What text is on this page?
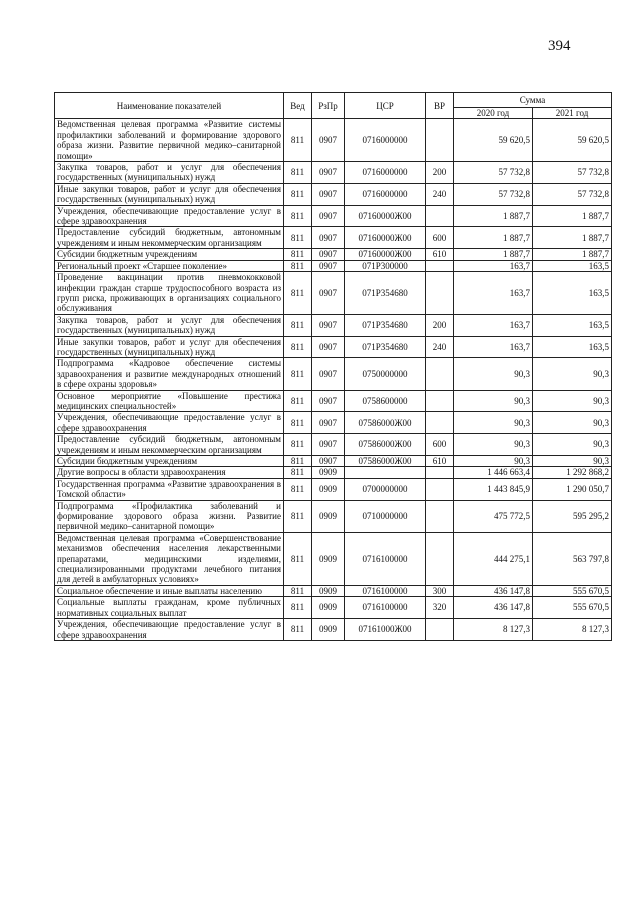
394
Наименование показателей	Вед	РзПр	ЦСР	ВР	Сумма	
					2020 год	2021 год
Ведомственная целевая программа «Развитие системы профилактики заболеваний и формирование здорового образа жизни. Развитие первичной медико–санитарной помощи»	811	0907	0716000000		59 620,5	59 620,5
Закупка товаров, работ и услуг для обеспечения государственных (муниципальных) нужд	811	0907	0716000000	200	57 732,8	57 732,8
Иные закупки товаров, работ и услуг для обеспечения государственных (муниципальных) нужд	811	0907	0716000000	240	57 732,8	57 732,8
Учреждения, обеспечивающие предоставление услуг в сфере здравоохранения	811	0907	07160000Ж00		1 887,7	1 887,7
Предоставление субсидий бюджетным, автономным учреждениям и иным некоммерческим организациям	811	0907	07160000Ж00	600	1 887,7	1 887,7
Субсидии бюджетным учреждениям	811	0907	07160000Ж00	610	1 887,7	1 887,7
Региональный проект «Старшее поколение»	811	0907	071P300000		163,7	163,5
Проведение вакцинации против пневмококковой инфекции граждан старше трудоспособного возраста из групп риска, проживающих в организациях социального обслуживания	811	0907	071P354680		163,7	163,5
Закупка товаров, работ и услуг для обеспечения государственных (муниципальных) нужд	811	0907	071P354680	200	163,7	163,5
Иные закупки товаров, работ и услуг для обеспечения государственных (муниципальных) нужд	811	0907	071P354680	240	163,7	163,5
Подпрограмма «Кадровое обеспечение системы здравоохранения и развитие международных отношений в сфере охраны здоровья»	811	0907	0750000000		90,3	90,3
Основное мероприятие «Повышение престижа медицинских специальностей»	811	0907	0758600000		90,3	90,3
Учреждения, обеспечивающие предоставление услуг в сфере здравоохранения	811	0907	07586000Ж00		90,3	90,3
Предоставление субсидий бюджетным, автономным учреждениям и иным некоммерческим организациям	811	0907	07586000Ж00	600	90,3	90,3
Субсидии бюджетным учреждениям	811	0907	07586000Ж00	610	90,3	90,3
Другие вопросы в области здравоохранения	811	0909			1 446 663,4	1 292 868,2
Государственная программа «Развитие здравоохранения в Томской области»	811	0909	0700000000		1 443 845,9	1 290 050,7
Подпрограмма «Профилактика заболеваний и формирование здорового образа жизни. Развитие первичной медико–санитарной помощи»	811	0909	0710000000		475 772,5	595 295,2
Ведомственная целевая программа «Совершенствование механизмов обеспечения населения лекарственными препаратами, медицинскими изделиями, специализированными продуктами лечебного питания для детей в амбулаторных условиях»	811	0909	0716100000		444 275,1	563 797,8
Социальное обеспечение и иные выплаты населению	811	0909	0716100000	300	436 147,8	555 670,5
Социальные выплаты гражданам, кроме публичных нормативных социальных выплат	811	0909	0716100000	320	436 147,8	555 670,5
Учреждения, обеспечивающие предоставление услуг в сфере здравоохранения	811	0909	07161000Ж00		8 127,3	8 127,3
